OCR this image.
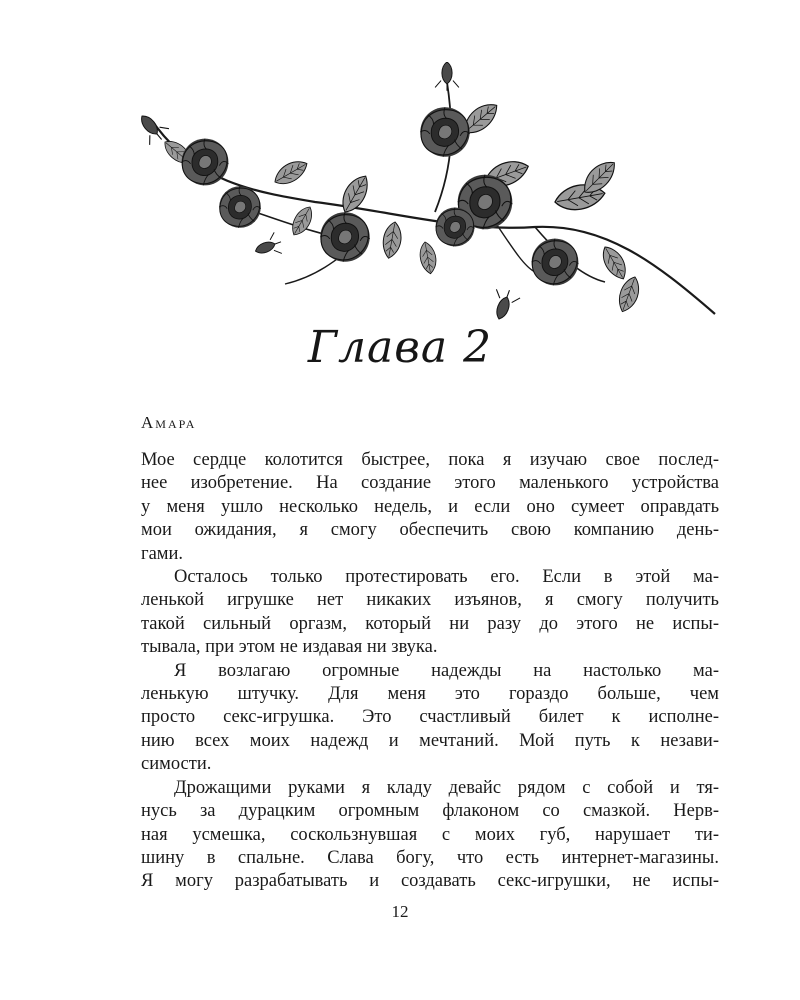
Глава 2
Амара

Мое сердце колотится быстрее, пока я изучаю свое послед-
нее изобретение. На создание этого маленького устройства
у меня ушло несколько недель, и если оно сумеет оправдать
мои ожидания, я смогу обеспечить свою компанию день-
гами.

Осталось только протестировать его. Если в этой ма-
ленькой игрушке нет никаких изъянов, я смогу получить
такой сильный оргазм, который ни разу до этого не испы-
тывала, при этом не издавая ни звука.

Я возлагаю огромные надежды на настолько ма-
ленькую штучку. Для меня это гораздо больше, чем
просто секс-игрушка. Это счастливый билет к исполне-
нию всех моих надежд и мечтаний. Мой путь к незави-
симости.

Дрожащими руками я кладу девайс рядом с собой и тя-
нусь за дурацким огромным флаконом со смазкой. Нерв-
ная усмешка, соскользнувшая с моих губ, нарушает ти-
шину в спальне. Слава богу, что есть интернет-магазины.
Я могу разрабатывать и создавать секс-игрушки, не испы-

12
